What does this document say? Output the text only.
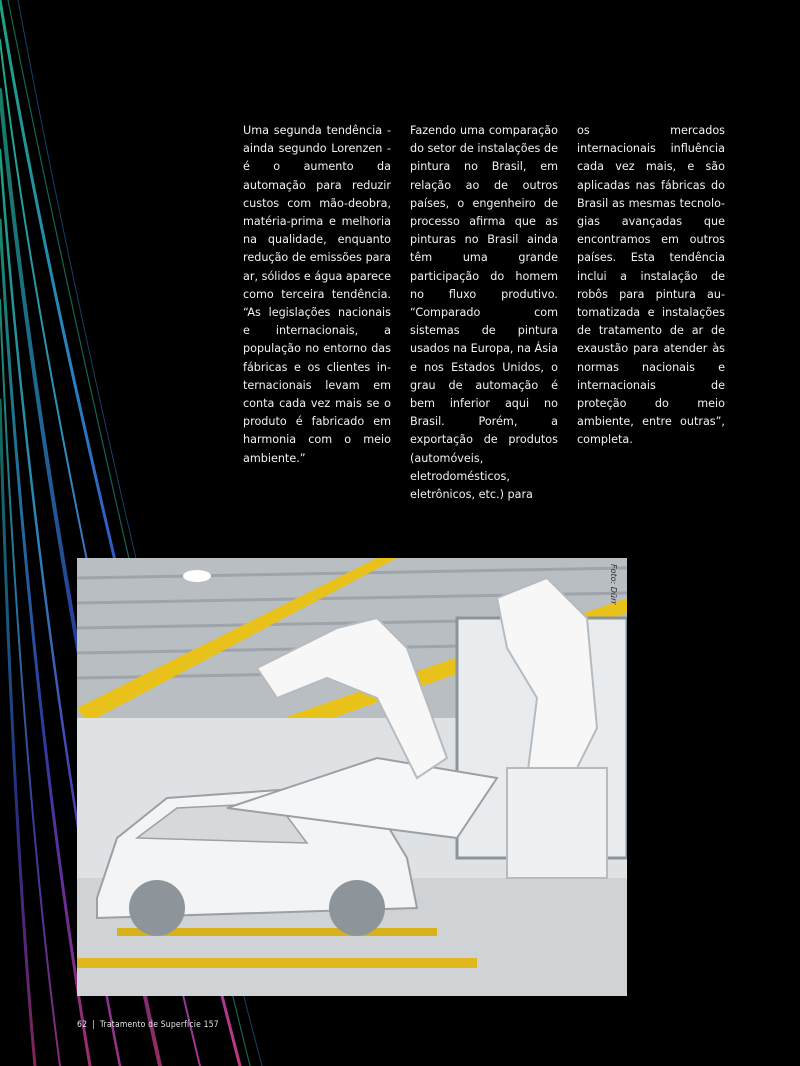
Uma segunda tendência - ainda segundo Lorenzen - é o aumento da automação para reduzir custos com mão-deobra, matéria-prima e melhoria na qualidade, enquanto redução de emissões para ar, sólidos e água aparece como terceira tendência. “As legislações nacionais e internacionais, a população no entorno das fábricas e os clientes internacionais levam em conta cada vez mais se o produto é fabricado em harmonia com o meio ambiente.”

Fazendo uma comparação do setor de instalações de pintura no Brasil, em relação ao de outros países, o engenheiro de processo afirma que as pinturas no Brasil ainda têm uma grande participação do homem no fluxo produtivo. “Comparado com sistemas de pintura usados na Europa, na Ásia e nos Estados Unidos, o grau de automação é bem inferior aqui no Brasil. Porém, a exportação de produtos (automóveis, eletrodomésticos, eletrônicos, etc.) para

os mercados internacionais influência cada vez mais, e são aplicadas nas fábricas do Brasil as mesmas tecnologias avançadas que encontramos em outros países. Esta tendência inclui a instalação de robôs para pintura automatizada e instalações de tratamento de ar de exaustão para atender às normas nacionais e internacionais de proteção do meio ambiente, entre outras”, completa.

Foto: Dürr
62 | Tratamento de Superfície 157
